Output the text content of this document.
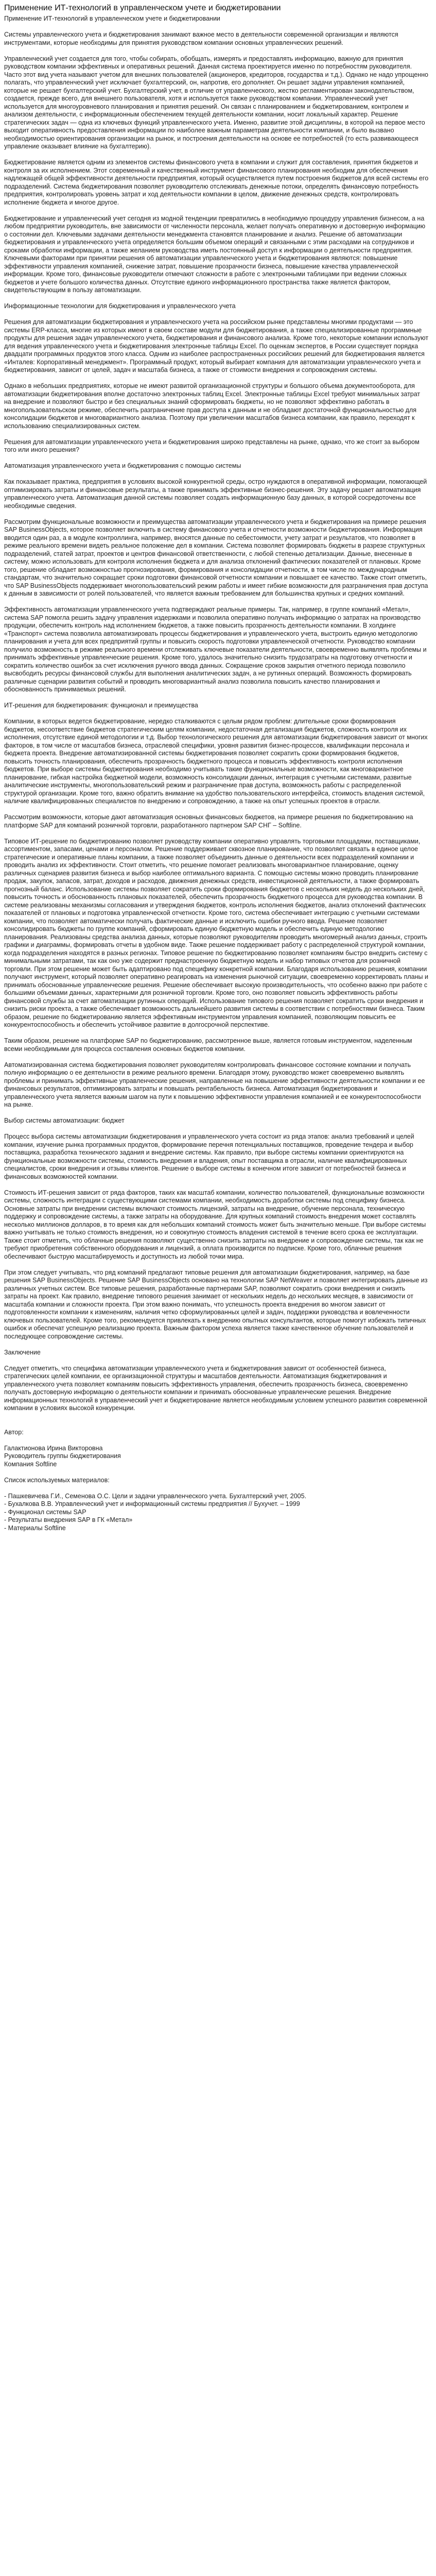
Применение ИТ-технологий в управленческом учете и бюджетировании

Применение ИТ-технологий в управленческом учете и бюджетировании

Системы управленческого учета и бюджетирования занимают важное место в деятельности современной организации и являются инструментами, которые необходимы для принятия руководством компании основных управленческих решений.

Управленческий учет создается для того, чтобы собирать, обобщать, измерять и предоставлять информацию, важную для принятия руководством компании эффективных и оперативных решений. Данная система проектируется именно по потребностям руководителя. Часто этот вид учета называют учетом для внешних пользователей (акционеров, кредиторов, государства и т.д.). Однако не надо упрощенно полагать, что управленческий учет исключает бухгалтерский, он, напротив, его дополняет. Он решает задачи управления компанией, которые не решает бухгалтерский учет. Бухгалтерский учет, в отличие от управленческого, жестко регламентирован законодательством, создается, прежде всего, для внешнего пользователя, хотя и используется также руководством компании. Управленческий учет используется для многоуровневого планирования и принятия решений. Он связан с планированием и бюджетированием, контролем и анализом деятельности, с информационным обеспечением текущей деятельности компании, носит локальный характер. Решение стратегических задач — одна из ключевых функций управленческого учета. Именно, развитие этой дисциплины, в которой на первое место выходит оперативность предоставления информации по наиболее важным параметрам деятельности компании, и было вызвано необходимостью ориентирования организации на рынок, и построения деятельности на основе ее потребностей (то есть развивающееся управление оказывает влияние на бухгалтерию).

Бюджетирование является одним из элементов системы финансового учета в компании и служит для составления, принятия бюджетов и контроля за их исполнением. Этот современный и качественный инструмент финансового планирования необходим для обеспечения надлежащей общей эффективности деятельности предприятия, который осуществляется путем построения бюджетов для всей системы его подразделений. Система бюджетирования позволяет руководителю отслеживать денежные потоки, определять финансовую потребность предприятия, контролировать уровень затрат и ход деятельности компании в целом, движение денежных средств, контролировать исполнение бюджета и многое другое.

Бюджетирование и управленческий учет сегодня из модной тенденции превратились в необходимую процедуру управления бизнесом, а на любом предприятии руководитель, вне зависимости от численности персонала, желает получать оперативную и достоверную информацию о состоянии дел. Ключевыми задачами деятельности менеджмента становятся планирование и анализ. Решение об автоматизации бюджетирования и управленческого учета определяется большим объемом операций и связанными с этим расходами на сотрудников и сроками обработки информации, а также желанием руководства иметь постоянный доступ к информации о деятельности предприятия. Ключевыми факторами при принятии решения об автоматизации управленческого учета и бюджетирования являются: повышение эффективности управления компанией, снижение затрат, повышение прозрачности бизнеса, повышение качества управленческой информации. Кроме того, финансовые руководители отмечают сложности в работе с электронными таблицами при ведении сложных бюджетов и учете большого количества данных. Отсутствие единого информационного пространства также является фактором, свидетельствующим в пользу автоматизации.

Информационные технологии для бюджетирования и управленческого учета

Решения для автоматизации бюджетирования и управленческого учета на российском рынке представлены многими продуктами — это системы ERP-класса, многие из которых имеют в своем составе модули для бюджетирования, а также специализированные программные продукты для решения задач управленческого учета, бюджетирования и финансового анализа. Кроме того, некоторые компании используют для ведения управленческого учета и бюджетирования электронные таблицы Excel. По оценкам экспертов, в России существует порядка двадцати программных продуктов этого класса. Одним из наиболее распространенных российских решений для бюджетирования является «Инталев: Корпоративный менеджмент». Программный продукт, который выбирает компания для автоматизации управленческого учета и бюджетирования, зависит от целей, задач и масштаба бизнеса, а также от стоимости внедрения и сопровождения системы.

Однако в небольших предприятиях, которые не имеют развитой организационной структуры и большого объема документооборота, для автоматизации бюджетирования вполне достаточно электронных таблиц Excel. Электронные таблицы Excel требуют минимальных затрат на внедрение и позволяют быстро и без специальных знаний сформировать бюджеты, но не позволяют эффективно работать в многопользовательском режиме, обеспечить разграничение прав доступа к данным и не обладают достаточной функциональностью для консолидации бюджетов и многовариантного анализа. Поэтому при увеличении масштабов бизнеса компании, как правило, переходят к использованию специализированных систем.

Решения для автоматизации управленческого учета и бюджетирования широко представлены на рынке, однако, что же стоит за выбором того или иного решения?

Автоматизация управленческого учета и бюджетирования с помощью системы

Как показывает практика, предприятия в условиях высокой конкурентной среды, остро нуждаются в оперативной информации, помогающей оптимизировать затраты и финансовые результаты, а также принимать эффективные бизнес-решения. Эту задачу решает автоматизация управленческого учета. Автоматизация данной системы позволяет создать информационную базу данных, в которой сосредоточены все необходимые сведения.

Рассмотрим функциональные возможности и преимущества автоматизации управленческого учета и бюджетирования на примере решения SAP BusinessObjects, которое позволяет включить в систему финансового учета и отчетности возможности бюджетирования. Информация вводится один раз, а в модуле контроллинга, например, вносятся данные по себестоимости, учету затрат и результатов, что позволяет в режиме реального времени видеть реальное положение дел в компании. Система позволяет формировать бюджеты в разрезе структурных подразделений, статей затрат, проектов и центров финансовой ответственности, с любой степенью детализации. Данные, внесенные в систему, можно использовать для контроля исполнения бюджета и для анализа отклонений фактических показателей от плановых. Кроме того, решение обладает возможностью прогнозирования, формирования и консолидации отчетности, в том числе по международным стандартам, что значительно сокращает сроки подготовки финансовой отчетности компании и повышает ее качество. Также стоит отметить, что SAP BusinessObjects поддерживает многопользовательский режим работы и имеет гибкие возможности для разграничения прав доступа к данным в зависимости от ролей пользователей, что является важным требованием для большинства крупных и средних компаний.

Эффективность автоматизации управленческого учета подтверждают реальные примеры. Так, например, в группе компаний «Метал», система SAP помогла решить задачу управления издержками и позволила оперативно получать информацию о затратах на производство продукции, обеспечить контроль над исполнением бюджетов, а также повысить прозрачность деятельности компании. В холдинге «Транспорт» система позволила автоматизировать процессы бюджетирования и управленческого учета, выстроить единую методологию планирования и учета для всех предприятий группы и повысить скорость подготовки управленческой отчетности. Руководство компании получило возможность в режиме реального времени отслеживать ключевые показатели деятельности, своевременно выявлять проблемы и принимать эффективные управленческие решения. Кроме того, удалось значительно снизить трудозатраты на подготовку отчетности и сократить количество ошибок за счет исключения ручного ввода данных. Сокращение сроков закрытия отчетного периода позволило высвободить ресурсы финансовой службы для выполнения аналитических задач, а не рутинных операций. Возможность формировать различные сценарии развития событий и проводить многовариантный анализ позволила повысить качество планирования и обоснованность принимаемых решений.

ИТ-решения для бюджетирования: функционал и преимущества

Компании, в которых ведется бюджетирование, нередко сталкиваются с целым рядом проблем: длительные сроки формирования бюджетов, несоответствие бюджетов стратегическим целям компании, недостаточная детализация бюджетов, сложность контроля их исполнения, отсутствие единой методологии и т.д. Выбор технологического решения для автоматизации бюджетирования зависит от многих факторов, в том числе от масштабов бизнеса, отраслевой специфики, уровня развития бизнес-процессов, квалификации персонала и бюджета проекта. Внедрение автоматизированной системы бюджетирования позволяет сократить сроки формирования бюджетов, повысить точность планирования, обеспечить прозрачность бюджетного процесса и повысить эффективность контроля исполнения бюджетов. При выборе системы бюджетирования необходимо учитывать такие функциональные возможности, как многовариантное планирование, гибкая настройка бюджетной модели, возможность консолидации данных, интеграция с учетными системами, развитые аналитические инструменты, многопользовательский режим и разграничение прав доступа, возможность работы с распределенной структурой организации. Кроме того, важно обратить внимание на удобство пользовательского интерфейса, стоимость владения системой, наличие квалифицированных специалистов по внедрению и сопровождению, а также на опыт успешных проектов в отрасли.

Рассмотрим возможности, которые дают автоматизация основных финансовых бюджетов, на примере решения по бюджетированию на платформе SAP для компаний розничной торговли, разработанного партнером SAP СНГ – Softline.

Типовое ИТ-решение по бюджетированию позволяет руководству компании оперативно управлять торговыми площадями, поставщиками, ассортиментом, запасами, ценами и персоналом. Решение поддерживает сквозное планирование, что позволяет связать в единое целое стратегические и оперативные планы компании, а также позволяет объединить данные о деятельности всех подразделений компании и проводить анализ их эффективности. Стоит отметить, что решение помогает реализовать многовариантное планирование, оценку различных сценариев развития бизнеса и выбор наиболее оптимального варианта. С помощью системы можно проводить планирование продаж, закупок, запасов, затрат, доходов и расходов, движения денежных средств, инвестиционной деятельности, а также формировать прогнозный баланс. Использование системы позволяет сократить сроки формирования бюджетов с нескольких недель до нескольких дней, повысить точность и обоснованность плановых показателей, обеспечить прозрачность бюджетного процесса для руководства компании. В системе реализованы механизмы согласования и утверждения бюджетов, контроль исполнения бюджетов, анализ отклонений фактических показателей от плановых и подготовка управленческой отчетности. Кроме того, система обеспечивает интеграцию с учетными системами компании, что позволяет автоматически получать фактические данные и исключить ошибки ручного ввода. Решение позволяет консолидировать бюджеты по группе компаний, сформировать единую бюджетную модель и обеспечить единую методологию планирования. Реализованы средства анализа данных, которые позволяют руководителям проводить многомерный анализ данных, строить графики и диаграммы, формировать отчеты в удобном виде. Также решение поддерживает работу с распределенной структурой компании, когда подразделения находятся в разных регионах. Типовое решение по бюджетированию позволяет компаниям быстро внедрить систему с минимальными затратами, так как оно уже содержит преднастроенную бюджетную модель и набор типовых отчетов для розничной торговли. При этом решение может быть адаптировано под специфику конкретной компании. Благодаря использованию решения, компании получают инструмент, который позволяет оперативно реагировать на изменения рыночной ситуации, своевременно корректировать планы и принимать обоснованные управленческие решения. Решение обеспечивает высокую производительность, что особенно важно при работе с большими объемами данных, характерными для розничной торговли. Кроме того, оно позволяет повысить эффективность работы финансовой службы за счет автоматизации рутинных операций. Использование типового решения позволяет сократить сроки внедрения и снизить риски проекта, а также обеспечивает возможность дальнейшего развития системы в соответствии с потребностями бизнеса. Таким образом, решение по бюджетированию является эффективным инструментом управления компанией, позволяющим повысить ее конкурентоспособность и обеспечить устойчивое развитие в долгосрочной перспективе.

Таким образом, решение на платформе SAP по бюджетированию, рассмотренное выше, является готовым инструментом, наделенным всеми необходимыми для процесса составления основных бюджетов компании.

Автоматизированная система бюджетирования позволяет руководителям контролировать финансовое состояние компании и получать полную информацию о ее деятельности в режиме реального времени. Благодаря этому, руководство может своевременно выявлять проблемы и принимать эффективные управленческие решения, направленные на повышение эффективности деятельности компании и ее финансовых результатов, оптимизировать затраты и повышать рентабельность бизнеса. Автоматизация бюджетирования и управленческого учета является важным шагом на пути к повышению эффективности управления компанией и ее конкурентоспособности на рынке.

Выбор системы автоматизации: бюджет

Процесс выбора системы автоматизации бюджетирования и управленческого учета состоит из ряда этапов: анализ требований и целей компании, изучение рынка программных продуктов, формирование перечня потенциальных поставщиков, проведение тендера и выбор поставщика, разработка технического задания и внедрение системы. Как правило, при выборе системы компании ориентируются на функциональные возможности системы, стоимость внедрения и владения, опыт поставщика в отрасли, наличие квалифицированных специалистов, сроки внедрения и отзывы клиентов. Решение о выборе системы в конечном итоге зависит от потребностей бизнеса и финансовых возможностей компании.

Стоимость ИТ-решения зависит от ряда факторов, таких как масштаб компании, количество пользователей, функциональные возможности системы, сложность интеграции с существующими системами компании, необходимость доработки системы под специфику бизнеса. Основные затраты при внедрении системы включают стоимость лицензий, затраты на внедрение, обучение персонала, техническую поддержку и сопровождение системы, а также затраты на оборудование. Для крупных компаний стоимость внедрения может составлять несколько миллионов долларов, в то время как для небольших компаний стоимость может быть значительно меньше. При выборе системы важно учитывать не только стоимость внедрения, но и совокупную стоимость владения системой в течение всего срока ее эксплуатации. Также стоит отметить, что облачные решения позволяют существенно снизить затраты на внедрение и сопровождение системы, так как не требуют приобретения собственного оборудования и лицензий, а оплата производится по подписке. Кроме того, облачные решения обеспечивают быструю масштабируемость и доступность из любой точки мира.

При этом следует учитывать, что ряд компаний предлагают типовые решения для автоматизации бюджетирования, например, на базе решения SAP BusinessObjects. Решение SAP BusinessObjects основано на технологии SAP NetWeaver и позволяет интегрировать данные из различных учетных систем. Все типовые решения, разработанные партнерами SAP, позволяют сократить сроки внедрения и снизить затраты на проект. Как правило, внедрение типового решения занимает от нескольких недель до нескольких месяцев, в зависимости от масштаба компании и сложности проекта. При этом важно понимать, что успешность проекта внедрения во многом зависит от подготовленности компании к изменениям, наличия четко сформулированных целей и задач, поддержки руководства и вовлеченности ключевых пользователей. Кроме того, рекомендуется привлекать к внедрению опытных консультантов, которые помогут избежать типичных ошибок и обеспечат успешную реализацию проекта. Важным фактором успеха является также качественное обучение пользователей и последующее сопровождение системы.

Заключение

Следует отметить, что специфика автоматизации управленческого учета и бюджетирования зависит от особенностей бизнеса, стратегических целей компании, ее организационной структуры и масштабов деятельности. Автоматизация бюджетирования и управленческого учета позволяет компаниям повысить эффективность управления, обеспечить прозрачность бизнеса, своевременно получать достоверную информацию о деятельности компании и принимать обоснованные управленческие решения. Внедрение информационных технологий в управленческий учет и бюджетирование является необходимым условием успешного развития современной компании в условиях высокой конкуренции.

Автор:

Галактионова Ирина Викторовна

Руководитель группы бюджетирования

Компания Softline

Список используемых материалов:

- Пашкевичева Г.И., Семенова О.С. Цели и задачи управленческого учета. Бухгалтерский учет, 2005.
- Бухалкова В.В. Управленческий учет и информационный системы предприятия // Бухучет. – 1999
- Функционал системы SAP
- Результаты внедрения SAP в ГК «Метал»
- Материалы Softline
